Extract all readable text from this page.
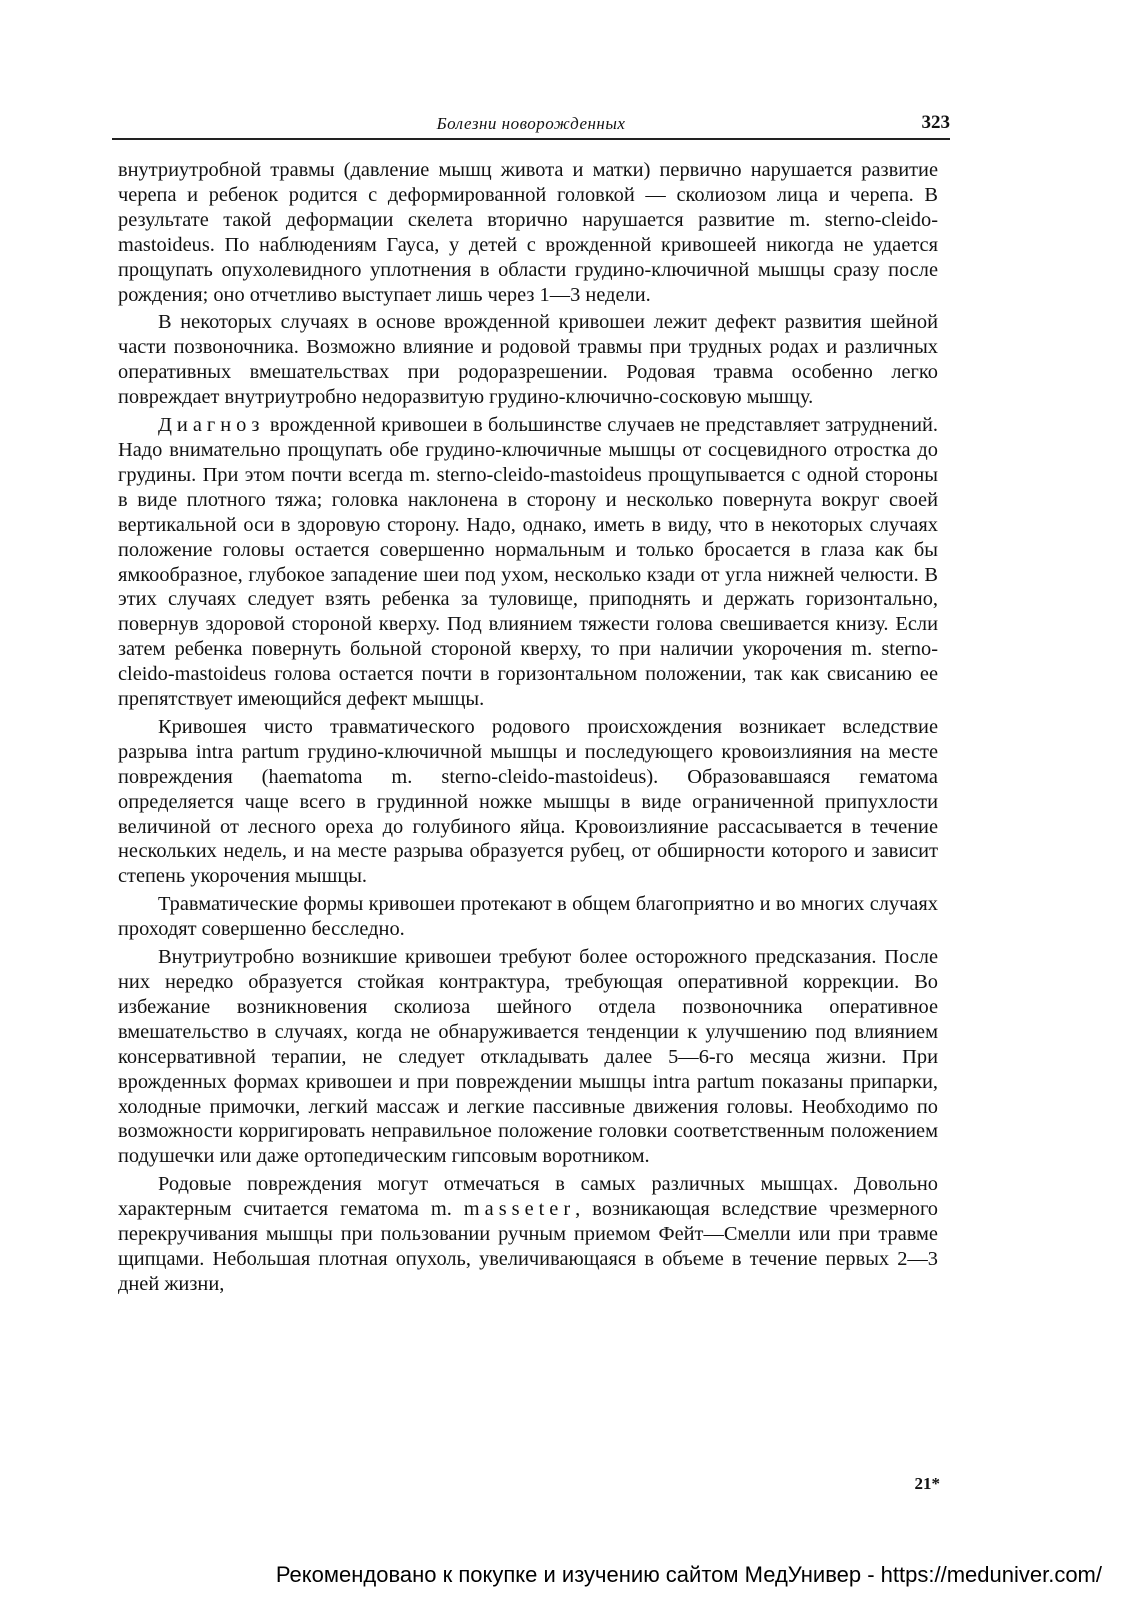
Болезни новорожденных	323

внутриутробной травмы (давление мышц живота и матки) первично нарушается развитие черепа и ребенок родится с деформированной головкой — сколиозом лица и черепа. В результате такой деформации скелета вторично нарушается развитие m. sterno-cleido-mastoideus. По наблюдениям Гауса, у детей с врожденной кривошеей никогда не удается прощупать опухолевидного уплотнения в области грудино-ключичной мышцы сразу после рождения; оно отчетливо выступает лишь через 1—3 недели.

В некоторых случаях в основе врожденной кривошеи лежит дефект развития шейной части позвоночника. Возможно влияние и родовой травмы при трудных родах и различных оперативных вмешательствах при родоразрешении. Родовая травма особенно легко повреждает внутриутробно недоразвитую грудино-ключично-сосковую мышцу.

Диагноз врожденной кривошеи в большинстве случаев не представляет затруднений. Надо внимательно прощупать обе грудино-ключичные мышцы от сосцевидного отростка до грудины. При этом почти всегда m. sterno-cleido-mastoideus прощупывается с одной стороны в виде плотного тяжа; головка наклонена в сторону и несколько повернута вокруг своей вертикальной оси в здоровую сторону. Надо, однако, иметь в виду, что в некоторых случаях положение головы остается совершенно нормальным и только бросается в глаза как бы ямкообразное, глубокое западение шеи под ухом, несколько кзади от угла нижней челюсти. В этих случаях следует взять ребенка за туловище, приподнять и держать горизонтально, повернув здоровой стороной кверху. Под влиянием тяжести голова свешивается книзу. Если затем ребенка повернуть больной стороной кверху, то при наличии укорочения m. sterno-cleido-mastoideus голова остается почти в горизонтальном положении, так как свисанию ее препятствует имеющийся дефект мышцы.

Кривошея чисто травматического родового происхождения возникает вследствие разрыва intra partum грудино-ключичной мышцы и последующего кровоизлияния на месте повреждения (haematoma m. sterno-cleido-mastoideus). Образовавшаяся гематома определяется чаще всего в грудинной ножке мышцы в виде ограниченной припухлости величиной от лесного ореха до голубиного яйца. Кровоизлияние рассасывается в течение нескольких недель, и на месте разрыва образуется рубец, от обширности которого и зависит степень укорочения мышцы.

Травматические формы кривошеи протекают в общем благоприятно и во многих случаях проходят совершенно бесследно.

Внутриутробно возникшие кривошеи требуют более осторожного предсказания. После них нередко образуется стойкая контрактура, требующая оперативной коррекции. Во избежание возникновения сколиоза шейного отдела позвоночника оперативное вмешательство в случаях, когда не обнаруживается тенденции к улучшению под влиянием консервативной терапии, не следует откладывать далее 5—6-го месяца жизни. При врожденных формах кривошеи и при повреждении мышцы intra partum показаны припарки, холодные примочки, легкий массаж и легкие пассивные движения головы. Необходимо по возможности корригировать неправильное положение головки соответственным положением подушечки или даже ортопедическим гипсовым воротником.

Родовые повреждения могут отмечаться в самых различных мышцах. Довольно характерным считается гематома m. masseter, возникающая вследствие чрезмерного перекручивания мышцы при пользовании ручным приемом Фейт—Смелли или при травме щипцами. Небольшая плотная опухоль, увеличивающаяся в объеме в течение первых 2—3 дней жизни,

21*
Рекомендовано к покупке и изучению сайтом МедУнивер - https://meduniver.com/
